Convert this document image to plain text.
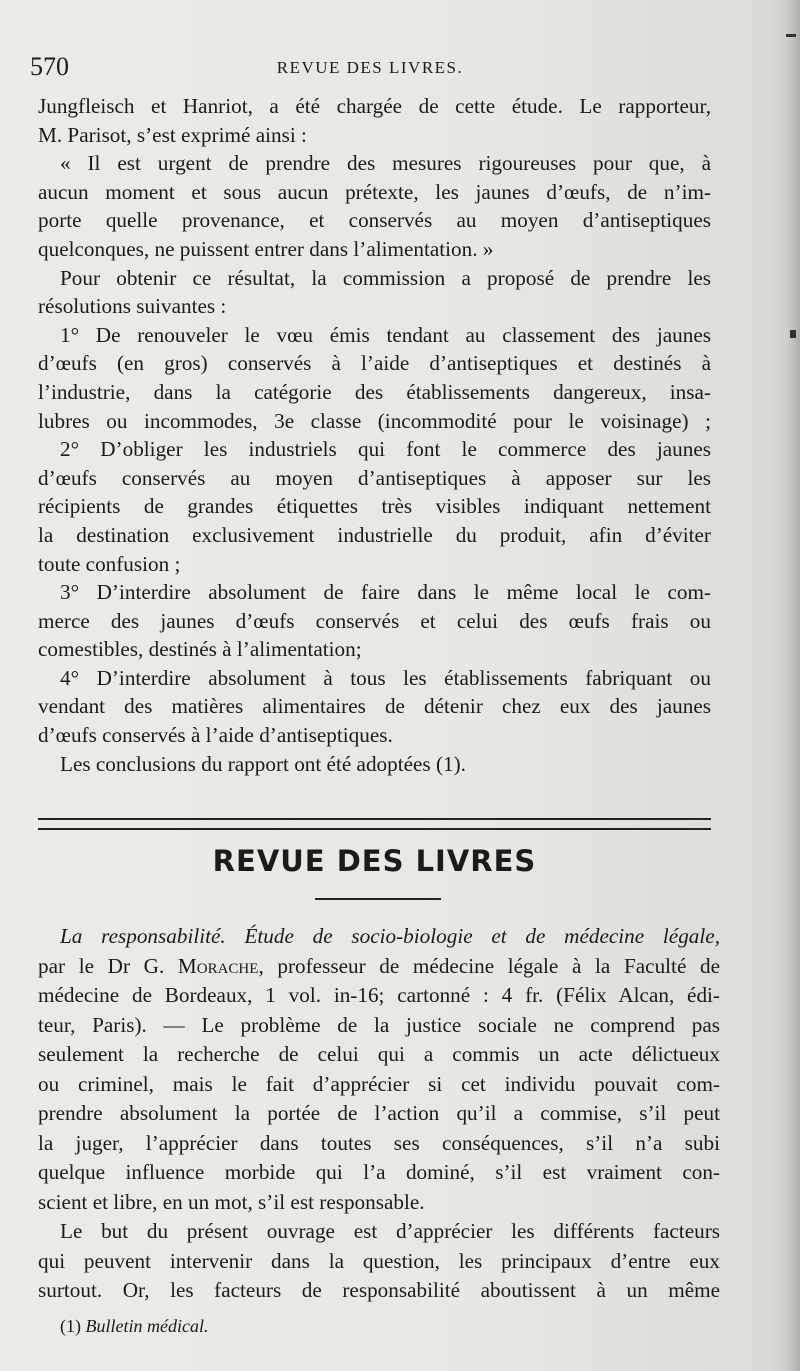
570	REVUE DES LIVRES.

Jungfleisch et Hanriot, a été chargée de cette étude. Le rapporteur,

M. Parisot, s’est exprimé ainsi :

« Il est urgent de prendre des mesures rigoureuses pour que, à

aucun moment et sous aucun prétexte, les jaunes d’œufs, de n’im-

porte quelle provenance, et conservés au moyen d’antiseptiques

quelconques, ne puissent entrer dans l’alimentation. »

Pour obtenir ce résultat, la commission a proposé de prendre les

résolutions suivantes :

1° De renouveler le vœu émis tendant au classement des jaunes

d’œufs (en gros) conservés à l’aide d’antiseptiques et destinés à

l’industrie, dans la catégorie des établissements dangereux, insa-

lubres ou incommodes, 3e classe (incommodité pour le voisinage) ;

2° D’obliger les industriels qui font le commerce des jaunes

d’œufs conservés au moyen d’antiseptiques à apposer sur les

récipients de grandes étiquettes très visibles indiquant nettement

la destination exclusivement industrielle du produit, afin d’éviter

toute confusion ;

3° D’interdire absolument de faire dans le même local le com-

merce des jaunes d’œufs conservés et celui des œufs frais ou

comestibles, destinés à l’alimentation;

4° D’interdire absolument à tous les établissements fabriquant ou

vendant des matières alimentaires de détenir chez eux des jaunes

d’œufs conservés à l’aide d’antiseptiques.

Les conclusions du rapport ont été adoptées (1).

REVUE DES LIVRES

La responsabilité. Étude de socio-biologie et de médecine légale,

par le Dr G. Morache, professeur de médecine légale à la Faculté de

médecine de Bordeaux, 1 vol. in-16; cartonné : 4 fr. (Félix Alcan, édi-

teur, Paris). — Le problème de la justice sociale ne comprend pas

seulement la recherche de celui qui a commis un acte délictueux

ou criminel, mais le fait d’apprécier si cet individu pouvait com-

prendre absolument la portée de l’action qu’il a commise, s’il peut

la juger, l’apprécier dans toutes ses conséquences, s’il n’a subi

quelque influence morbide qui l’a dominé, s’il est vraiment con-

scient et libre, en un mot, s’il est responsable.

Le but du présent ouvrage est d’apprécier les différents facteurs

qui peuvent intervenir dans la question, les principaux d’entre eux

surtout. Or, les facteurs de responsabilité aboutissent à un même

(1) Bulletin médical.
